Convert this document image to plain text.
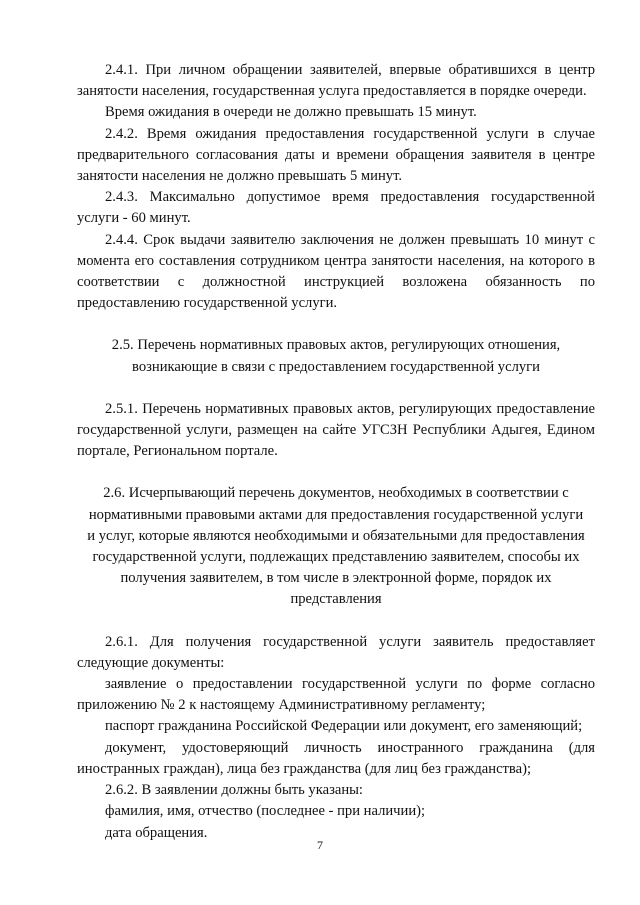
2.4.1. При личном обращении заявителей, впервые обратившихся в центр занятости населения, государственная услуга предоставляется в порядке очереди.

Время ожидания в очереди не должно превышать 15 минут.

2.4.2. Время ожидания предоставления государственной услуги в случае предварительного согласования даты и времени обращения заявителя в центре занятости населения не должно превышать 5 минут.

2.4.3. Максимально допустимое время предоставления государственной услуги - 60 минут.

2.4.4. Срок выдачи заявителю заключения не должен превышать 10 минут с момента его составления сотрудником центра занятости населения, на которого в соответствии с должностной инструкцией возложена обязанность по предоставлению государственной услуги.

2.5. Перечень нормативных правовых актов, регулирующих отношения, возникающие в связи с предоставлением государственной услуги

2.5.1. Перечень нормативных правовых актов, регулирующих предоставление государственной услуги, размещен на сайте УГСЗН Республики Адыгея, Едином портале, Региональном портале.

2.6. Исчерпывающий перечень документов, необходимых в соответствии с нормативными правовыми актами для предоставления государственной услуги и услуг, которые являются необходимыми и обязательными для предоставления государственной услуги, подлежащих представлению заявителем, способы их получения заявителем, в том числе в электронной форме, порядок их представления

2.6.1. Для получения государственной услуги заявитель предоставляет следующие документы:

заявление о предоставлении государственной услуги по форме согласно приложению № 2 к настоящему Административному регламенту;

паспорт гражданина Российской Федерации или документ, его заменяющий;

документ, удостоверяющий личность иностранного гражданина (для иностранных граждан), лица без гражданства (для лиц без гражданства);

2.6.2. В заявлении должны быть указаны:

фамилия, имя, отчество (последнее - при наличии);

дата обращения.

7
